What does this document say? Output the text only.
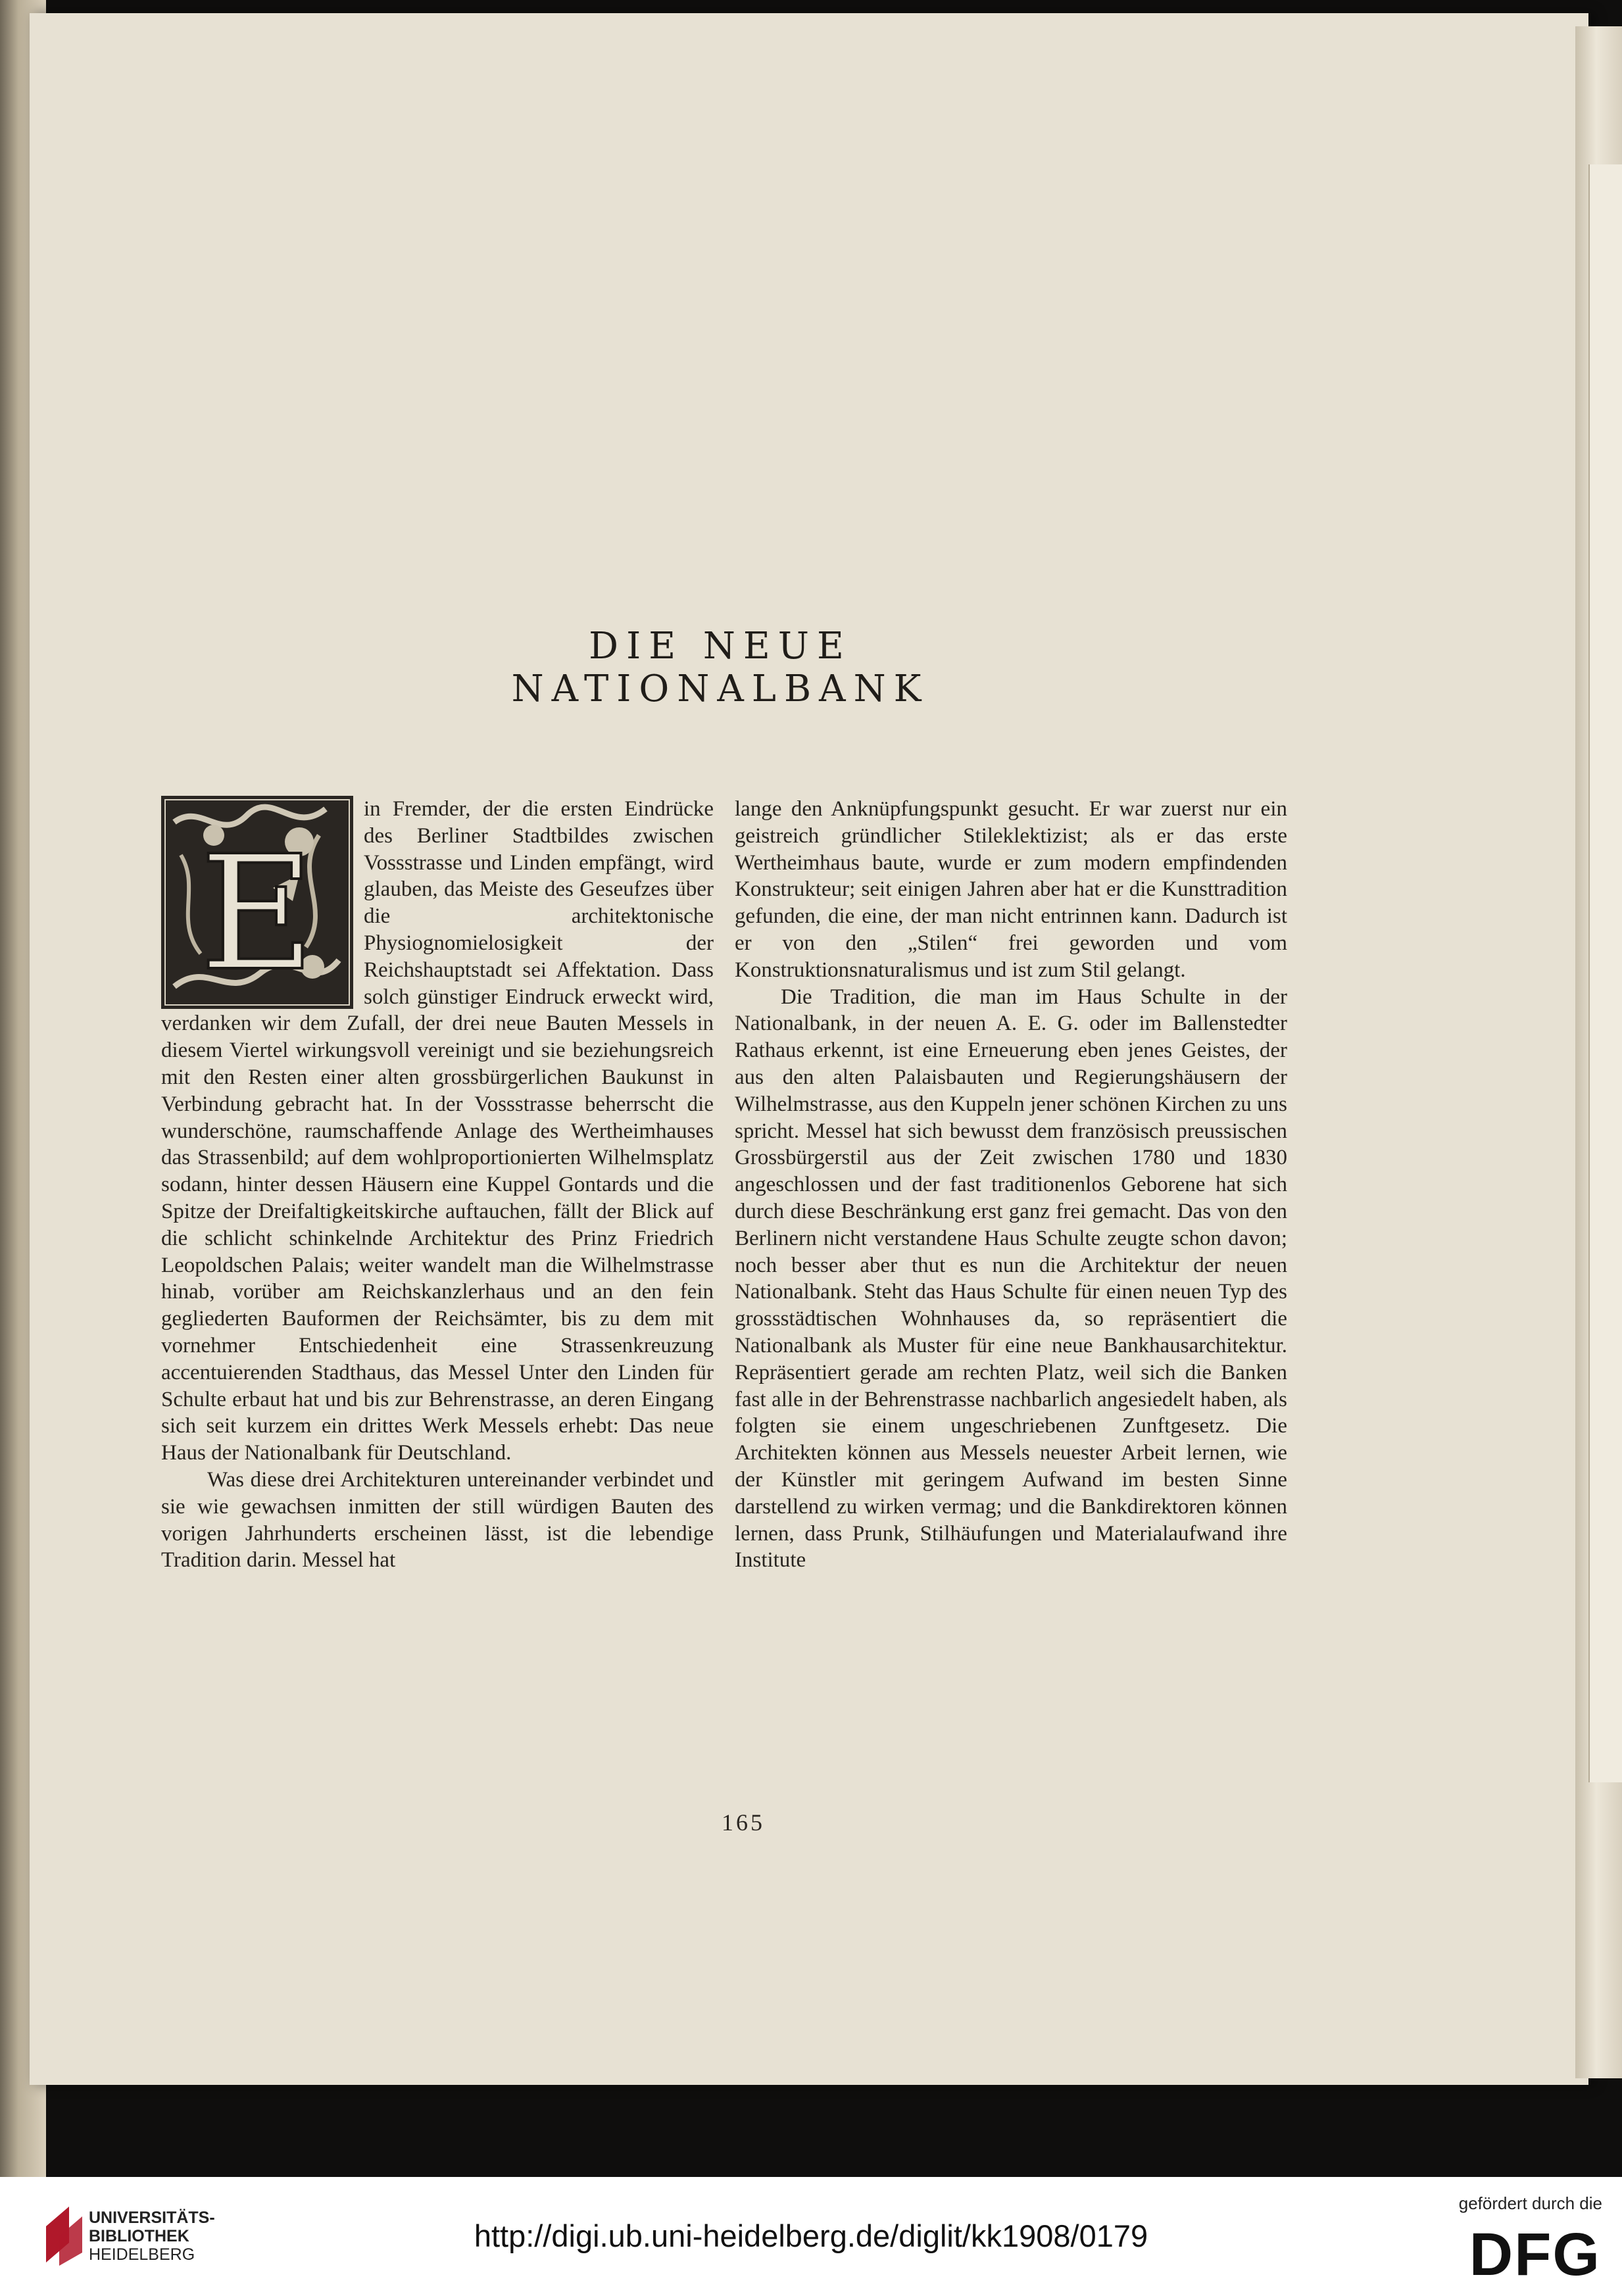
DIE NEUE NATIONALBANK
E

in Fremder, der die ersten Eindrücke des Berliner Stadtbildes zwischen Vossstrasse und Linden empfängt, wird glauben, das Meiste des Geseufzes über die architektonische Physiognomielosigkeit der Reichshauptstadt sei Affektation. Dass solch günstiger Eindruck erweckt wird, verdanken wir dem Zufall, der drei neue Bauten Messels in diesem Viertel wirkungsvoll vereinigt und sie beziehungsreich mit den Resten einer alten grossbürgerlichen Baukunst in Verbindung gebracht hat. In der Vossstrasse beherrscht die wunderschöne, raumschaffende Anlage des Wertheimhauses das Strassenbild; auf dem wohlproportionierten Wilhelmsplatz sodann, hinter dessen Häusern eine Kuppel Gontards und die Spitze der Dreifaltigkeitskirche auftauchen, fällt der Blick auf die schlicht schinkelnde Architektur des Prinz Friedrich Leopoldschen Palais; weiter wandelt man die Wilhelmstrasse hinab, vorüber am Reichskanzlerhaus und an den fein gegliederten Bauformen der Reichsämter, bis zu dem mit vornehmer Entschiedenheit eine Strassenkreuzung accentuierenden Stadthaus, das Messel Unter den Linden für Schulte erbaut hat und bis zur Behrenstrasse, an deren Eingang sich seit kurzem ein drittes Werk Messels erhebt: Das neue Haus der Nationalbank für Deutschland.

Was diese drei Architekturen untereinander verbindet und sie wie gewachsen inmitten der still würdigen Bauten des vorigen Jahrhunderts erscheinen lässt, ist die lebendige Tradition darin. Messel hat

lange den Anknüpfungspunkt gesucht. Er war zuerst nur ein geistreich gründlicher Stileklektizist; als er das erste Wertheimhaus baute, wurde er zum modern empfindenden Konstrukteur; seit einigen Jahren aber hat er die Kunsttradition gefunden, die eine, der man nicht entrinnen kann. Dadurch ist er von den „Stilen“ frei geworden und vom Konstruktionsnaturalismus und ist zum Stil gelangt.

Die Tradition, die man im Haus Schulte in der Nationalbank, in der neuen A. E. G. oder im Ballenstedter Rathaus erkennt, ist eine Erneuerung eben jenes Geistes, der aus den alten Palaisbauten und Regierungshäusern der Wilhelmstrasse, aus den Kuppeln jener schönen Kirchen zu uns spricht. Messel hat sich bewusst dem französisch preussischen Grossbürgerstil aus der Zeit zwischen 1780 und 1830 angeschlossen und der fast traditionenlos Geborene hat sich durch diese Beschränkung erst ganz frei gemacht. Das von den Berlinern nicht verstandene Haus Schulte zeugte schon davon; noch besser aber thut es nun die Architektur der neuen Nationalbank. Steht das Haus Schulte für einen neuen Typ des grossstädtischen Wohnhauses da, so repräsentiert die Nationalbank als Muster für eine neue Bankhausarchitektur. Repräsentiert gerade am rechten Platz, weil sich die Banken fast alle in der Behrenstrasse nachbarlich angesiedelt haben, als folgten sie einem ungeschriebenen Zunftgesetz. Die Architekten können aus Messels neuester Arbeit lernen, wie der Künstler mit geringem Aufwand im besten Sinne darstellend zu wirken vermag; und die Bankdirektoren können lernen, dass Prunk, Stilhäufungen und Materialaufwand ihre Institute

165
UNIVERSITÄTS-
BIBLIOTHEK
HEIDELBERG
http://digi.ub.uni-heidelberg.de/diglit/kk1908/0179
gefördert durch die
DFG
